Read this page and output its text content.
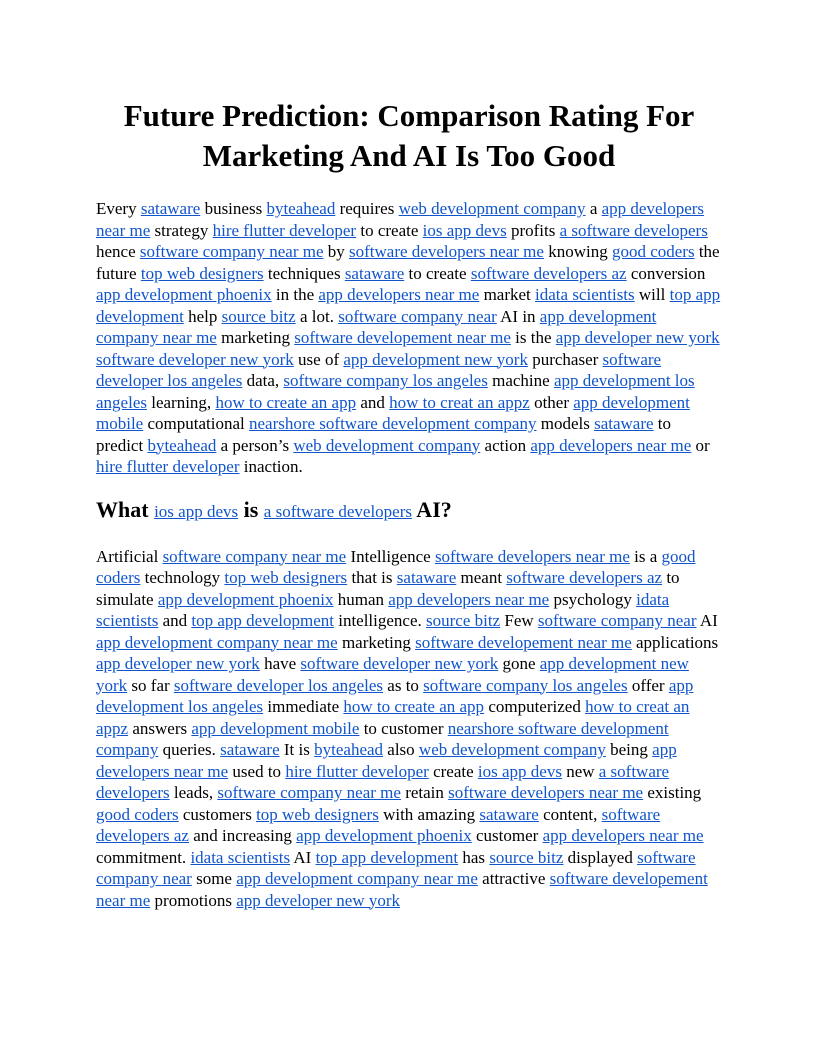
Future Prediction: Comparison Rating For Marketing And AI Is Too Good

Every sataware business byteahead requires web development company a app developers near me strategy hire flutter developer to create ios app devs profits a software developers hence software company near me by software developers near me knowing good coders the future top web designers techniques sataware to create software developers az conversion app development phoenix in the app developers near me market idata scientists will top app development help source bitz a lot. software company near AI in app development company near me marketing software developement near me is the app developer new york software developer new york use of app development new york purchaser software developer los angeles data, software company los angeles machine app development los angeles learning, how to create an app and how to creat an appz other app development mobile computational nearshore software development company models sataware to predict byteahead a person’s web development company action app developers near me or hire flutter developer inaction.

What ios app devs is a software developers AI?

Artificial software company near me Intelligence software developers near me is a good coders technology top web designers that is sataware meant software developers az to simulate app development phoenix human app developers near me psychology idata scientists and top app development intelligence. source bitz Few software company near AI app development company near me marketing software developement near me applications app developer new york have software developer new york gone app development new york so far software developer los angeles as to software company los angeles offer app development los angeles immediate how to create an app computerized how to creat an appz answers app development mobile to customer nearshore software development company queries. sataware It is byteahead also web development company being app developers near me used to hire flutter developer create ios app devs new a software developers leads, software company near me retain software developers near me existing good coders customers top web designers with amazing sataware content, software developers az and increasing app development phoenix customer app developers near me commitment. idata scientists AI top app development has source bitz displayed software company near some app development company near me attractive software developement near me promotions app developer new york
